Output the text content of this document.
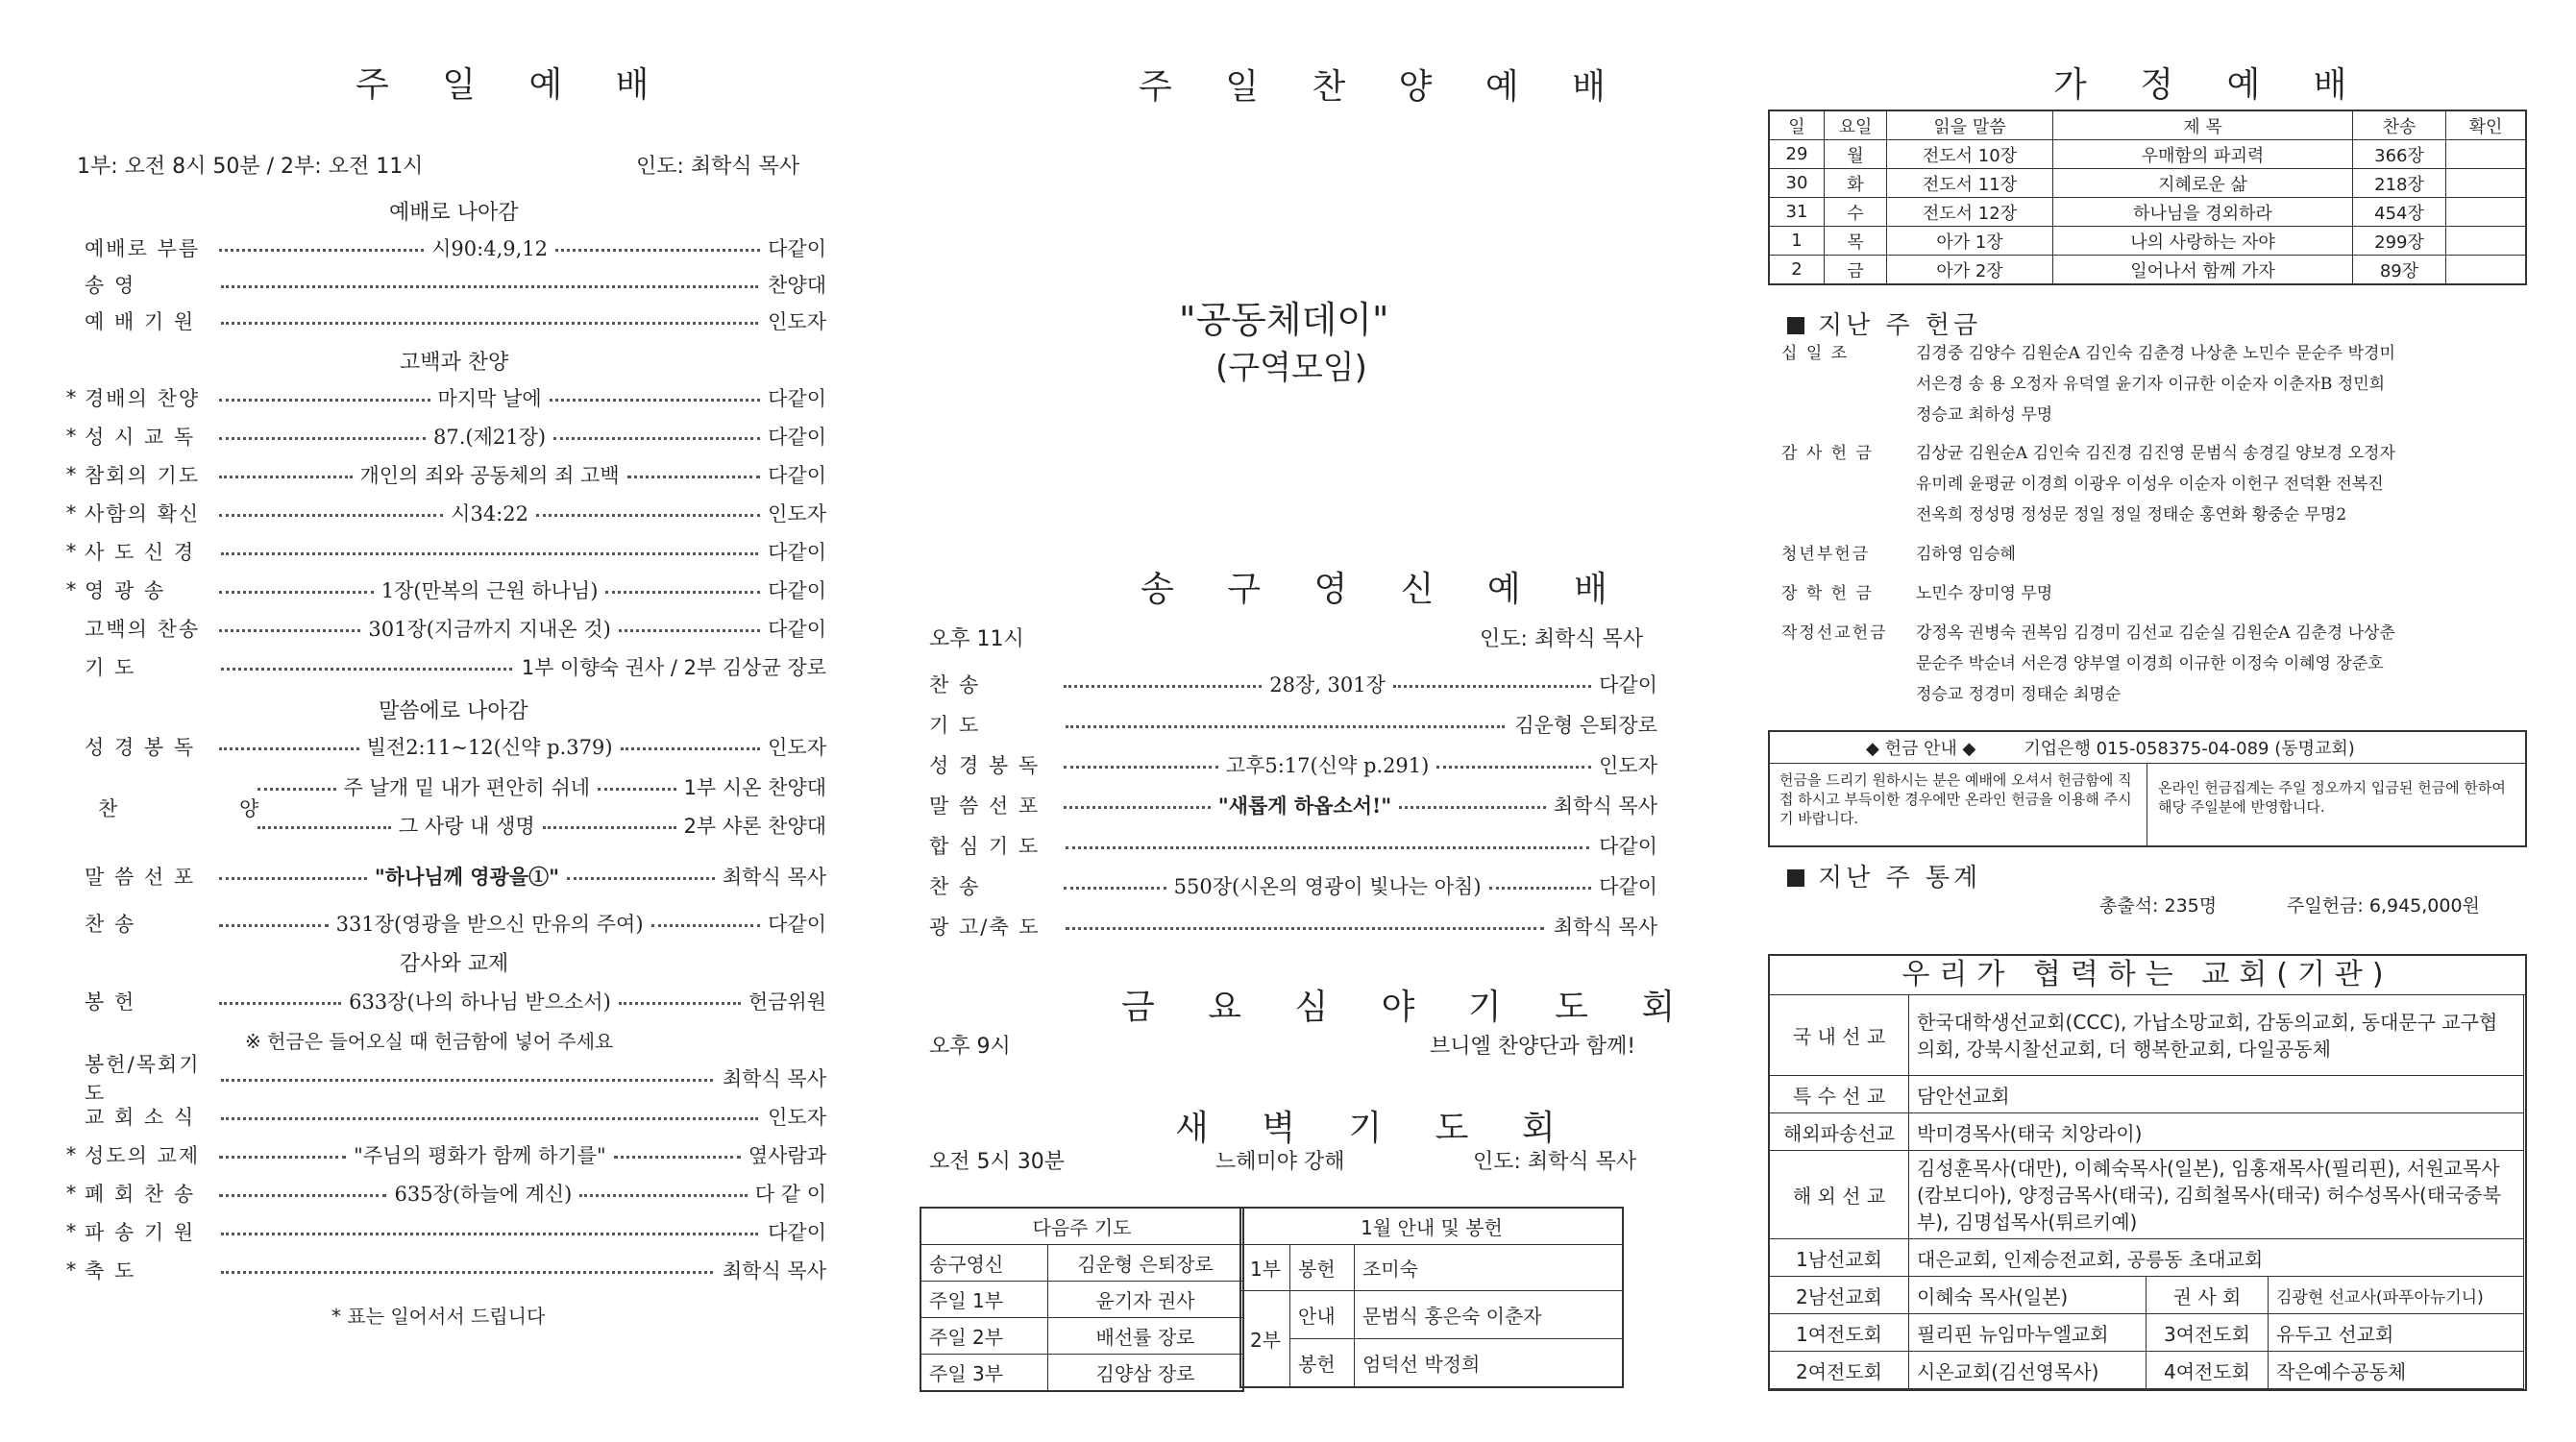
주 일 예 배
1부: 오전 8시 50분 / 2부: 오전 11시	인도: 최학식 목사
예배로 나아감
고백과 찬양
말씀에로 나아감
감사와 교제
예배로 부름	시90:4,9,12	다같이
송 영	찬양대
예 배 기 원	인도자
* 경배의 찬양	마지막 날에	다같이
* 성 시 교 독	87.(제21장)	다같이
* 참회의 기도	개인의 죄와 공동체의 죄 고백	다같이
* 사함의 확신	시34:22	인도자
* 사 도 신 경	다같이
* 영 광 송	1장(만복의 근원 하나님)	다같이
고백의 찬송	301장(지금까지 지내온 것)	다같이
기 도	1부 이향숙 권사 / 2부 김상균 장로
성 경 봉 독	빌전2:11~12(신약 p.379)	인도자
찬 양
주 날개 밑 내가 편안히 쉬네	1부 시온 찬양대
그 사랑 내 생명	2부 샤론 찬양대
말 씀 선 포	"하나님께 영광을①"	최학식 목사
찬 송	331장(영광을 받으신 만유의 주여)	다같이
봉 헌	633장(나의 하나님 받으소서)	헌금위원
※ 헌금은 들어오실 때 헌금함에 넣어 주세요
봉헌/목회기도
최학식 목사
교 회 소 식	인도자
* 성도의 교제	"주님의 평화가 함께 하기를"	옆사람과
* 폐 회 찬 송	635장(하늘에 계신)	다 같 이
* 파 송 기 원	다같이
* 축 도	최학식 목사
* 표는 일어서서 드립니다
주 일 찬 양 예 배
"공동체데이"
(구역모임)
송 구 영 신 예 배
오후 11시	인도: 최학식 목사
찬 송	28장, 301장	다같이
기 도	김운형 은퇴장로
성 경 봉 독	고후5:17(신약 p.291)	인도자
말 씀 선 포	"새롭게 하옵소서!"	최학식 목사
합 심 기 도	다같이
찬 송	550장(시온의 영광이 빛나는 아침)	다같이
광 고/축 도	최학식 목사
금 요 심 야 기 도 회
오후 9시	브니엘 찬양단과 함께!
새 벽 기 도 회
오전 5시 30분	느헤미야 강해	인도: 최학식 목사
다음주 기도	
송구영신	김운형 은퇴장로
주일 1부	윤기자 권사
주일 2부	배선률 장로
주일 3부	김양삼 장로
1월 안내 및 봉헌		
1부	봉헌	조미숙
2부	안내	문범식 홍은숙 이춘자
	봉헌	엄덕선 박정희
가 정 예 배
일	요일	읽을 말씀	제 목	찬송	확인
29	월	전도서 10장	우매함의 파괴력	366장	
30	화	전도서 11장	지혜로운 삶	218장	
31	수	전도서 12장	하나님을 경외하라	454장	
1	목	아가 1장	나의 사랑하는 자야	299장	
2	금	아가 2장	일어나서 함께 가자	89장	
지난 주 헌금
십 일 조	김경중 김양수 김원순A 김인숙 김춘경 나상춘 노민수 문순주 박경미
서은경 송 용 오정자 유덕열 윤기자 이규한 이순자 이춘자B 정민희
정승교 최하성 무명
감 사 헌 금	김상균 김원순A 김인숙 김진경 김진영 문범식 송경길 양보경 오정자
유미례 윤평균 이경희 이광우 이성우 이순자 이헌구 전덕환 전복진
전옥희 정성명 정성문 정일 정일 정태순 홍연화 황중순 무명2
청년부헌금	김하영 임승혜
장 학 헌 금	노민수 장미영 무명
작정선교헌금	강정옥 권병숙 권복임 김경미 김선교 김순실 김원순A 김춘경 나상춘
문순주 박순녀 서은경 양부열 이경희 이규한 이정숙 이혜영 장준호
정승교 정경미 정태순 최명순
◆ 헌금 안내 ◆	기업은행 015-058375-04-089 (동명교회)
헌금을 드리기 원하시는 분은 예배에 오셔서 헌금함에 직접 하시고 부득이한 경우에만 온라인 헌금을 이용해 주시기 바랍니다.
온라인 헌금집계는 주일 정오까지 입금된 헌금에 한하여 해당 주일분에 반영합니다.
지난 주 통계
총출석: 235명	주일헌금: 6,945,000원
우리가 협력하는 교회(기관)
국 내 선 교	한국대학생선교회(CCC), 가납소망교회, 감동의교회, 동대문구 교구협의회, 강북시찰선교회, 더 행복한교회, 다일공동체		
특 수 선 교	담안선교회		
해외파송선교	박미경목사(태국 치앙라이)		
해 외 선 교	김성훈목사(대만), 이혜숙목사(일본), 임홍재목사(필리핀), 서원교목사(캄보디아), 양정금목사(태국), 김희철목사(태국) 허수성목사(태국중북부), 김명섭목사(튀르키예)		
1남선교회	대은교회, 인제승전교회, 공릉동 초대교회		
2남선교회	이혜숙 목사(일본)	권 사 회	김광현 선교사(파푸아뉴기니)
1여전도회	필리핀 뉴임마누엘교회	3여전도회	유두고 선교회
2여전도회	시온교회(김선영목사)	4여전도회	작은예수공동체
